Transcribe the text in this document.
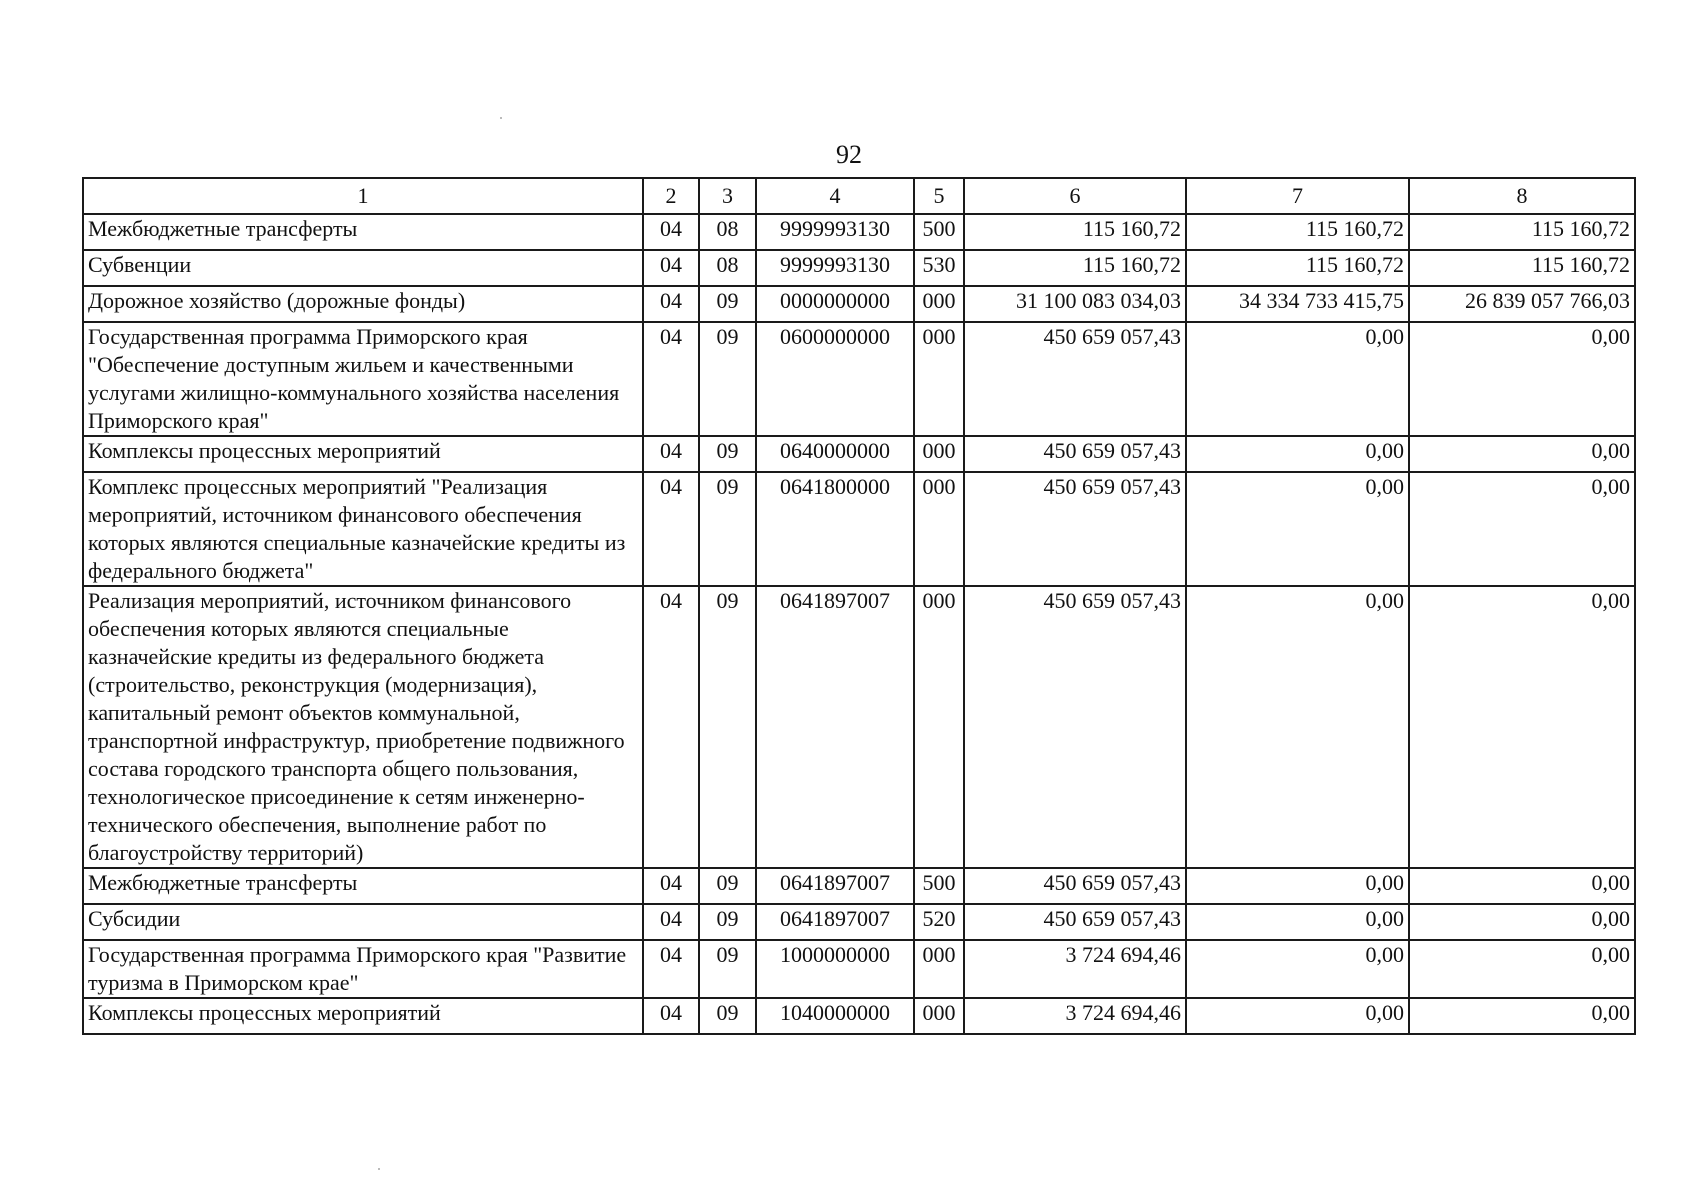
92
1	2	3	4	5	6	7	8
Межбюджетные трансферты	04	08	9999993130	500	115 160,72	115 160,72	115 160,72
Субвенции	04	08	9999993130	530	115 160,72	115 160,72	115 160,72
Дорожное хозяйство (дорожные фонды)	04	09	0000000000	000	31 100 083 034,03	34 334 733 415,75	26 839 057 766,03
Государственная программа Приморского края "Обеспечение доступным жильем и качественными услугами жилищно-коммунального хозяйства населения Приморского края"	04	09	0600000000	000	450 659 057,43	0,00	0,00
Комплексы процессных мероприятий	04	09	0640000000	000	450 659 057,43	0,00	0,00
Комплекс процессных мероприятий "Реализация мероприятий, источником финансового обеспечения которых являются специальные казначейские кредиты из федерального бюджета"	04	09	0641800000	000	450 659 057,43	0,00	0,00
Реализация мероприятий, источником финансового обеспечения которых являются специальные казначейские кредиты из федерального бюджета (строительство, реконструкция (модернизация), капитальный ремонт объектов коммунальной, транспортной инфраструктур, приобретение подвижного состава городского транспорта общего пользования, технологическое присоединение к сетям инженерно-технического обеспечения, выполнение работ по благоустройству территорий)	04	09	0641897007	000	450 659 057,43	0,00	0,00
Межбюджетные трансферты	04	09	0641897007	500	450 659 057,43	0,00	0,00
Субсидии	04	09	0641897007	520	450 659 057,43	0,00	0,00
Государственная программа Приморского края "Развитие туризма в Приморском крае"	04	09	1000000000	000	3 724 694,46	0,00	0,00
Комплексы процессных мероприятий	04	09	1040000000	000	3 724 694,46	0,00	0,00
